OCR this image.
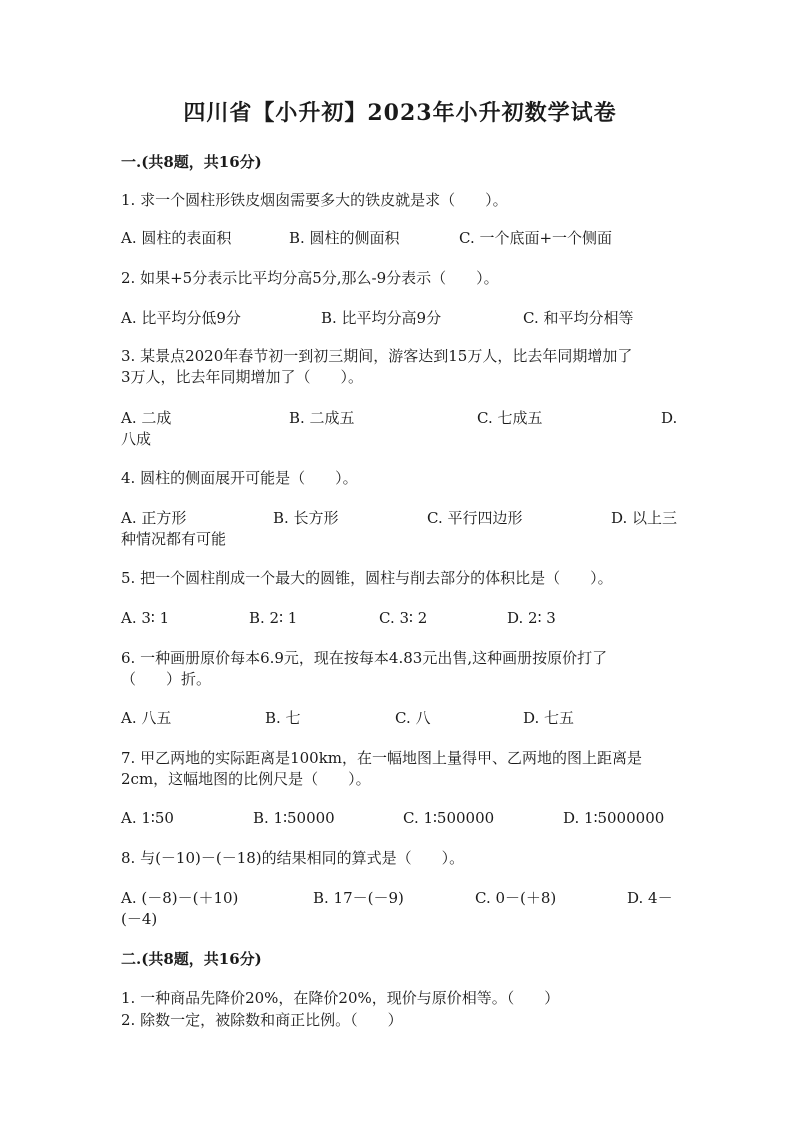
四川省【小升初】2023年小升初数学试卷
一.(共8题，共16分)
1. 求一个圆柱形铁皮烟囱需要多大的铁皮就是求（　　）。
A. 圆柱的表面积	B. 圆柱的侧面积	C. 一个底面+一个侧面
2. 如果+5分表示比平均分高5分,那么-9分表示（　　）。
A. 比平均分低9分	B. 比平均分高9分	C. 和平均分相等
3. 某景点2020年春节初一到初三期间，游客达到15万人，比去年同期增加了
3万人，比去年同期增加了（　　）。
A. 二成	B. 二成五	C. 七成五	D.
八成
4. 圆柱的侧面展开可能是（　　）。
A. 正方形	B. 长方形	C. 平行四边形	D. 以上三
种情况都有可能
5. 把一个圆柱削成一个最大的圆锥，圆柱与削去部分的体积比是（　　）。
A. 3∶ 1	B. 2∶ 1	C. 3∶ 2	D. 2∶ 3
6. 一种画册原价每本6.9元，现在按每本4.83元出售,这种画册按原价打了
（　　）折。
A. 八五	B. 七	C. 八	D. 七五
7. 甲乙两地的实际距离是100km，在一幅地图上量得甲、乙两地的图上距离是
2cm，这幅地图的比例尺是（　　）。
A. 1∶50	B. 1∶50000	C. 1∶500000	D. 1∶5000000
8. 与(－10)－(－18)的结果相同的算式是（　　）。
A. (－8)－(＋10)	B. 17－(－9)	C. 0－(＋8)	D. 4－
(－4)
二.(共8题，共16分)
1. 一种商品先降价20%，在降价20%，现价与原价相等。（　　）
2. 除数一定，被除数和商正比例。（　　）
